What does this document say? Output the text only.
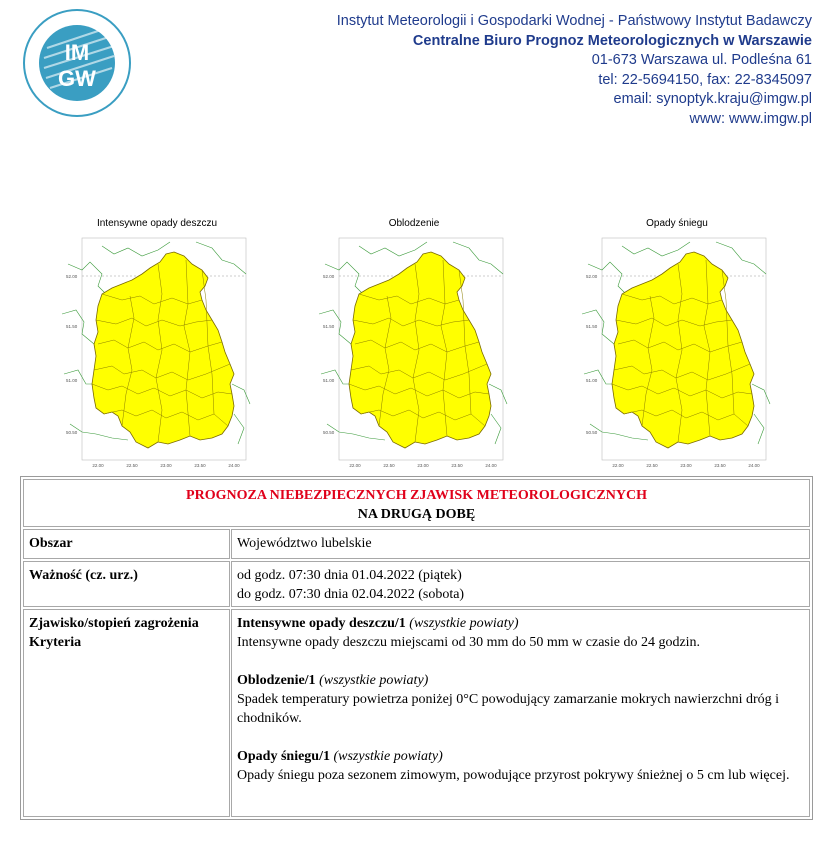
IM
GW
Instytut Meteorologii i Gospodarki Wodnej - Państwowy Instytut Badawczy
Centralne Biuro Prognoz Meteorologicznych w Warszawie
01-673 Warszawa ul. Podleśna 61
tel: 22-5694150, fax: 22-8345097
email: synoptyk.kraju@imgw.pl
www: www.imgw.pl
Intensywne opady deszczu
52.00
51.50
51.00
50.50
22.00	22.50	23.00	23.50	24.00
Oblodzenie
52.00
51.50
51.00
50.50
22.00	22.50	23.00	23.50	24.00
Opady śniegu
52.00
51.50
51.00
50.50
22.00	22.50	23.00	23.50	24.00
PROGNOZA NIEBEZPIECZNYCH ZJAWISK METEOROLOGICZNYCH
NA DRUGĄ DOBĘ
Obszar	Województwo lubelskie
Ważność (cz. urz.)	od godz. 07:30 dnia 01.04.2022 (piątek)
do godz. 07:30 dnia 02.04.2022 (sobota)
Zjawisko/stopień zagrożenia
Kryteria
Intensywne opady deszczu/1 (wszystkie powiaty)
Intensywne opady deszczu miejscami od 30 mm do 50 mm w czasie do 24 godzin.
Oblodzenie/1 (wszystkie powiaty)
Spadek temperatury powietrza poniżej 0°C powodujący zamarzanie mokrych nawierzchni dróg i chodników.
Opady śniegu/1 (wszystkie powiaty)
Opady śniegu poza sezonem zimowym, powodujące przyrost pokrywy śnieżnej o 5 cm lub więcej.
